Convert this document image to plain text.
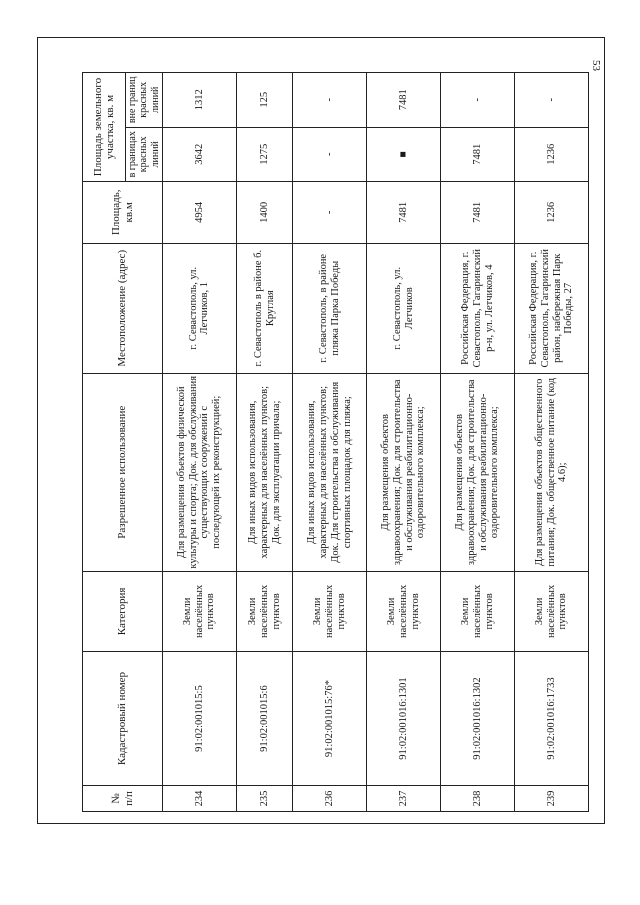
53
№ п/п	Кадастровый номер	Категория	Разрешенное использование	Местоположение (адрес)	Площадь, кв.м	Площадь земельного участка, кв. м	
						в границах красных линий	вне границ красных линий
234	91:02:001015:5	Земли населённых пунктов	Для размещения объектов физической культуры и спорта; Док. для обслуживания существующих сооружений с последующей их реконструкцией;	г. Севастополь, ул. Летчиков, 1	4954	3642	1312
235	91:02:001015:6	Земли населённых пунктов	Для иных видов использования, характерных для населённых пунктов; Док. для эксплуатации причала;	г. Севастополь в районе б. Круглая	1400	1275	125
236	91:02:001015:76*	Земли населённых пунктов	Для иных видов использования, характерных для населённых пунктов; Док. Для строительства и обслуживания спортивных площадок для пляжа;	г. Севастополь, в районе пляжа Парка Победы	-	-	-
237	91:02:001016:1301	Земли населённых пунктов	Для размещения объектов здравоохранения; Док. для строительства и обслуживания реабилитационно-оздоровительного комплекса;	г. Севастополь, ул. Летчиков	7481	■	7481
238	91:02:001016:1302	Земли населённых пунктов	Для размещения объектов здравоохранения; Док. для строительства и обслуживания реабилитационно-оздоровительного комплекса;	Российская Федерация, г. Севастополь, Гагаринский р-н, ул. Летчиков, 4	7481	7481	-
239	91:02:001016:1733	Земли населённых пунктов	Для размещения объектов общественного питания; Док. общественное питание (код 4.6);	Российская Федерация, г. Севастополь, Гагаринский район, набережная Парк Победы, 27	1236	1236	-
